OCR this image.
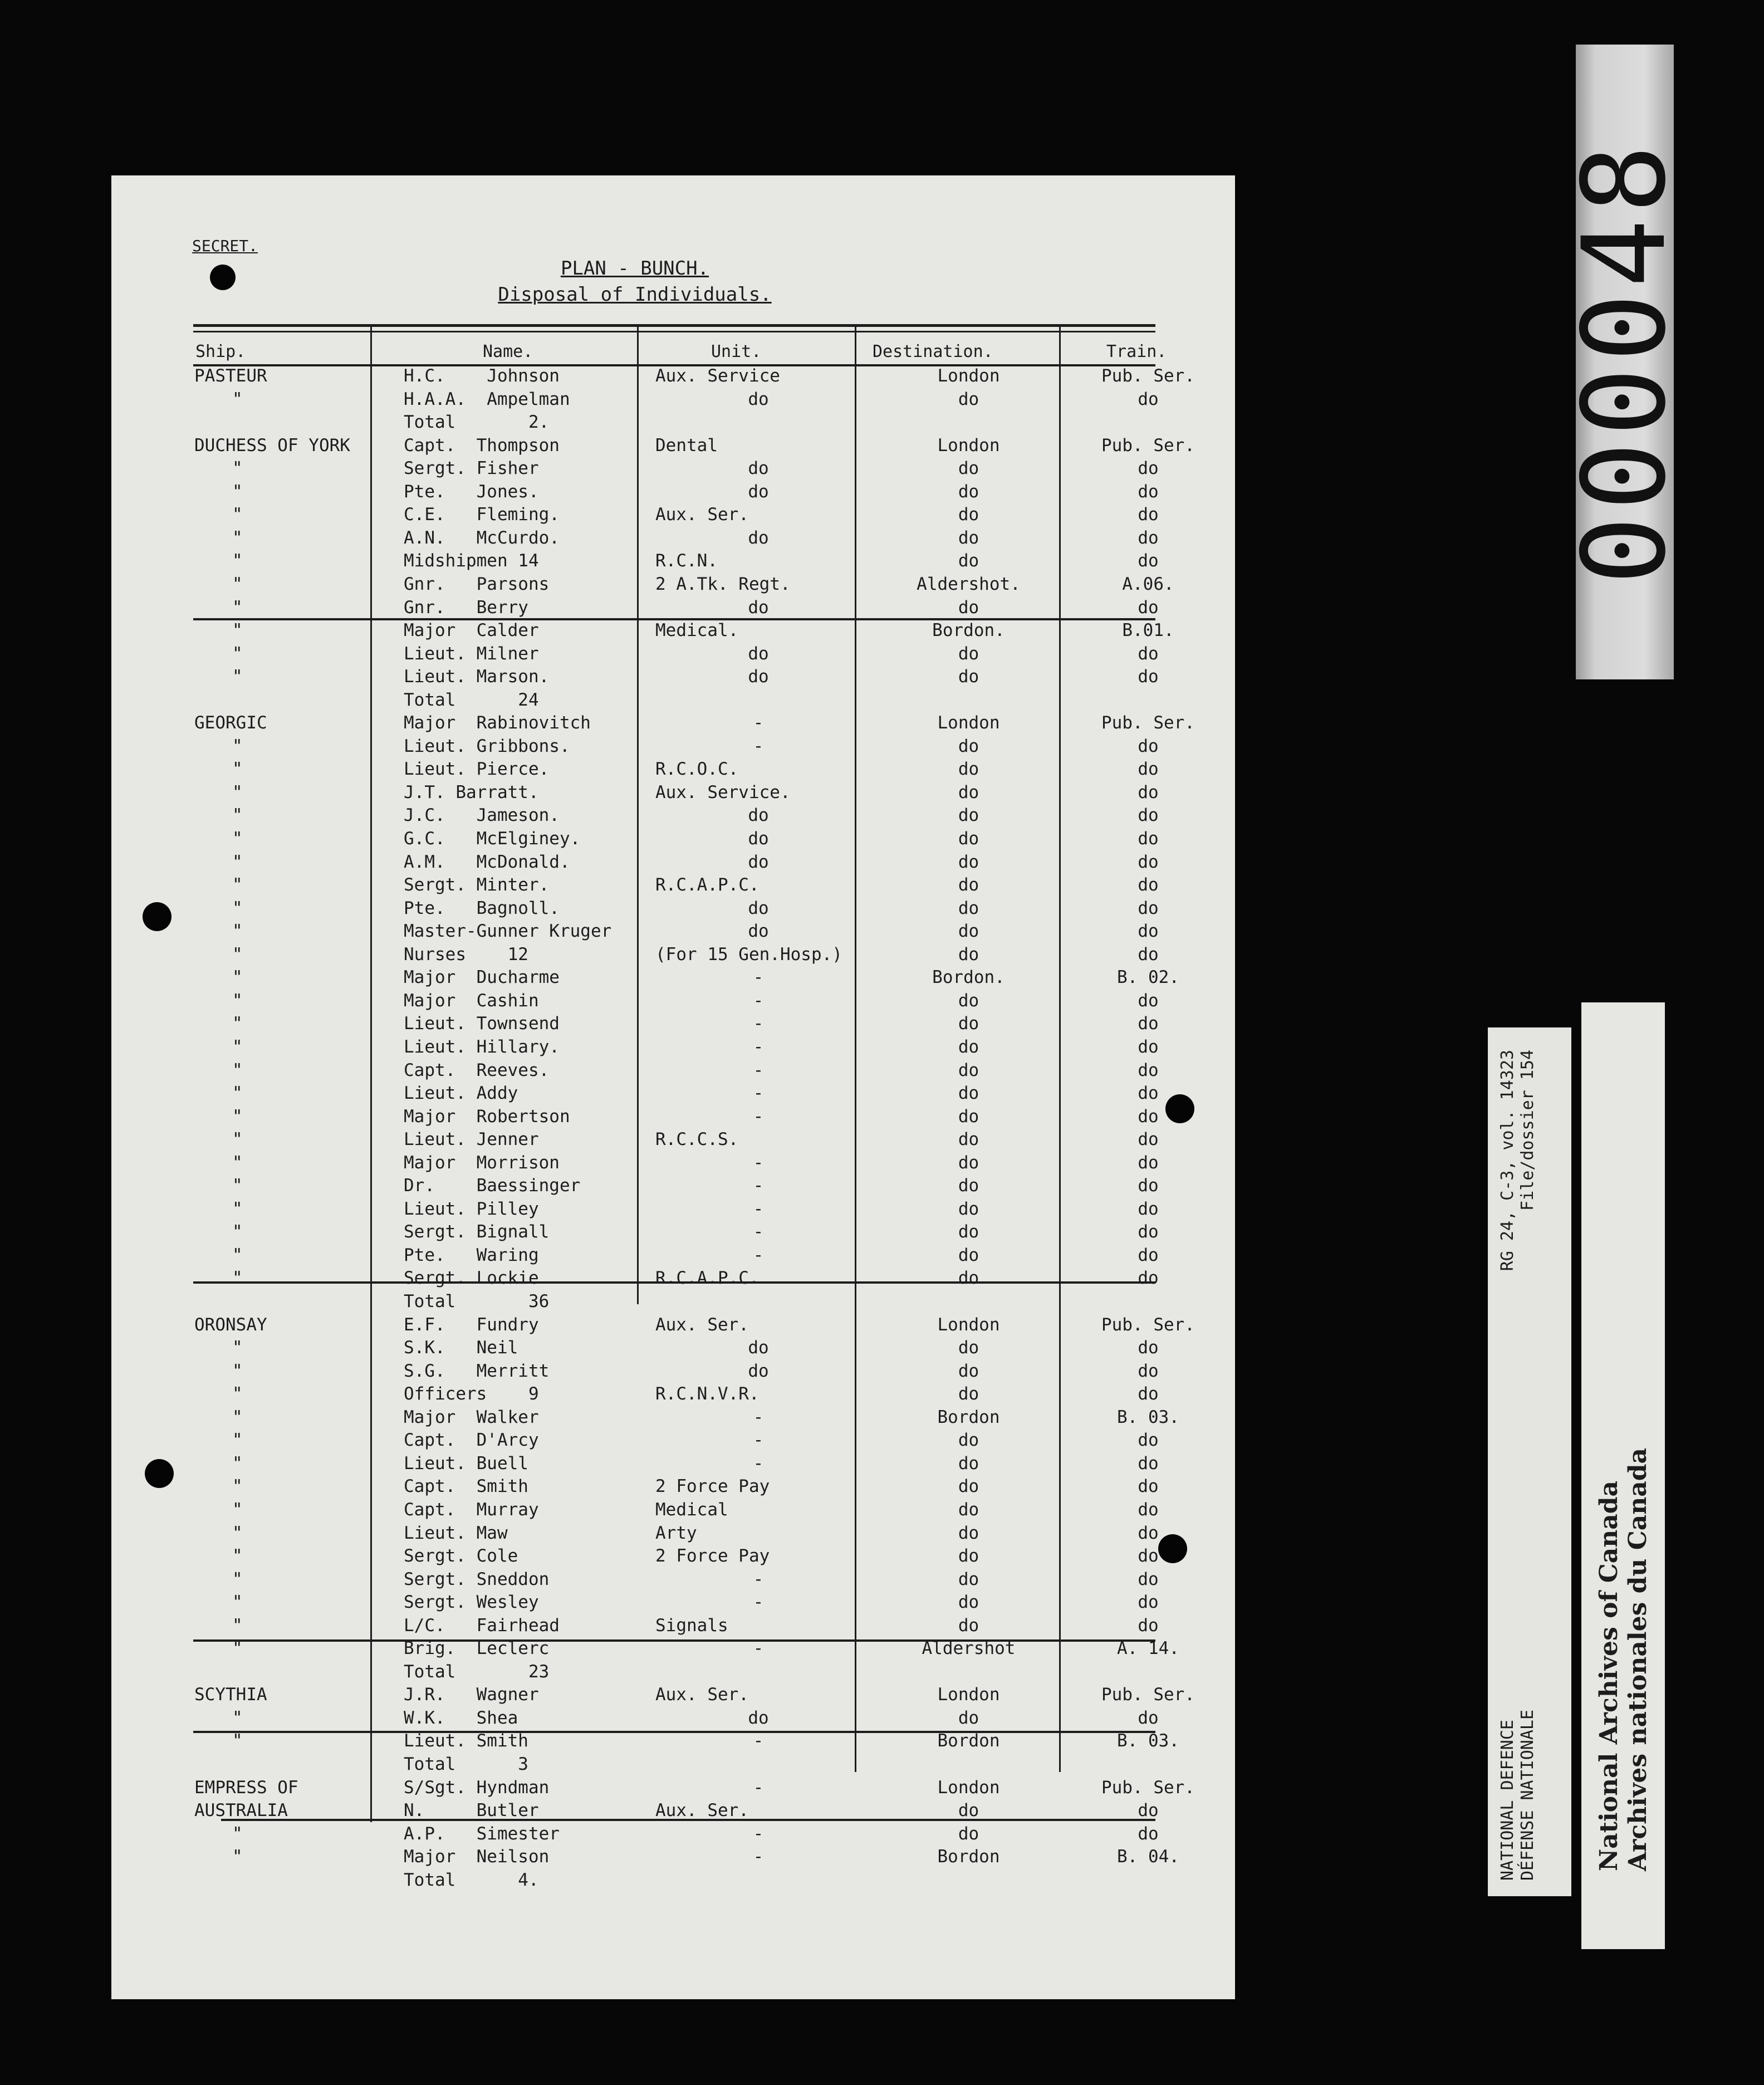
SECRET.
PLAN - BUNCH.
Disposal of Individuals.
Ship.	Name.	Unit.	Destination.	Train.
PASTEUR	H.C.    Johnson	Aux. Service	London	Pub. Ser.
"	H.A.A.  Ampelman	do	do	do
Total       2.
DUCHESS OF YORK	Capt.  Thompson	Dental	London	Pub. Ser.
"	Sergt. Fisher	do	do	do
"	Pte.   Jones.	do	do	do
"	C.E.   Fleming.	Aux. Ser.	do	do
"	A.N.   McCurdo.	do	do	do
"	Midshipmen 14	R.C.N.	do	do
"	Gnr.   Parsons	2 A.Tk. Regt.	Aldershot.	A.06.
"	Gnr.   Berry	do	do	do
"	Major  Calder	Medical.	Bordon.	B.01.
"	Lieut. Milner	do	do	do
"	Lieut. Marson.	do	do	do
Total      24
GEORGIC	Major  Rabinovitch	-	London	Pub. Ser.
"	Lieut. Gribbons.	-	do	do
"	Lieut. Pierce.	R.C.O.C.	do	do
"	J.T. Barratt.	Aux. Service.	do	do
"	J.C.   Jameson.	do	do	do
"	G.C.   McElginey.	do	do	do
"	A.M.   McDonald.	do	do	do
"	Sergt. Minter.	R.C.A.P.C.	do	do
"	Pte.   Bagnoll.	do	do	do
"	Master-Gunner Kruger	do	do	do
"	Nurses    12	(For 15 Gen.Hosp.)	do	do
"	Major  Ducharme	-	Bordon.	B. 02.
"	Major  Cashin	-	do	do
"	Lieut. Townsend	-	do	do
"	Lieut. Hillary.	-	do	do
"	Capt.  Reeves.	-	do	do
"	Lieut. Addy	-	do	do
"	Major  Robertson	-	do	do
"	Lieut. Jenner	R.C.C.S.	do	do
"	Major  Morrison	-	do	do
"	Dr.    Baessinger	-	do	do
"	Lieut. Pilley	-	do	do
"	Sergt. Bignall	-	do	do
"	Pte.   Waring	-	do	do
"	Sergt. Lockie	R.C.A.P.C.	do	do
Total       36
ORONSAY	E.F.   Fundry	Aux. Ser.	London	Pub. Ser.
"	S.K.   Neil	do	do	do
"	S.G.   Merritt	do	do	do
"	Officers    9	R.C.N.V.R.	do	do
"	Major  Walker	-	Bordon	B. 03.
"	Capt.  D'Arcy	-	do	do
"	Lieut. Buell	-	do	do
"	Capt.  Smith	2 Force Pay	do	do
"	Capt.  Murray	Medical	do	do
"	Lieut. Maw	Arty	do	do
"	Sergt. Cole	2 Force Pay	do	do
"	Sergt. Sneddon	-	do	do
"	Sergt. Wesley	-	do	do
"	L/C.   Fairhead	Signals	do	do
"	Brig.  Leclerc	-	Aldershot	A. 14.
Total       23
SCYTHIA	J.R.   Wagner	Aux. Ser.	London	Pub. Ser.
"	W.K.   Shea	do	do	do
"	Lieut. Smith	-	Bordon	B. 03.
Total      3
EMPRESS OF	S/Sgt. Hyndman	-	London	Pub. Ser.
AUSTRALIA	N.     Butler	Aux. Ser.	do	do
"	A.P.   Simester	-	do	do
"	Major  Neilson	-	Bordon	B. 04.
Total      4.
000048
NATIONAL DEFENCE DÉFENSE NATIONALE
RG 24, C-3, vol. 14323 File/dossier 154
National Archives of Canada Archives nationales du Canada
